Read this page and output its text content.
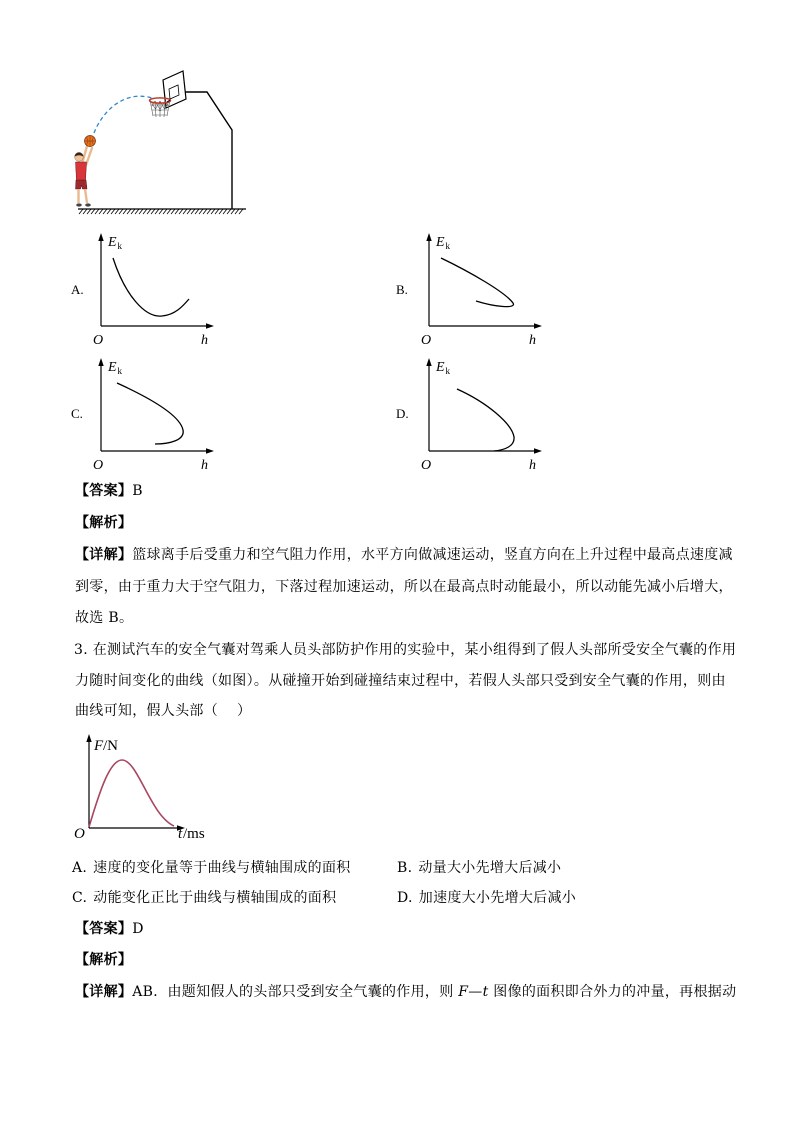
A.
E k
O	h
B.
E k
O	h
C.
E k
O	h
D.
E k
O	h
【答案】B
【解析】
【详解】篮球离手后受重力和空气阻力作用，水平方向做减速运动，竖直方向在上升过程中最高点速度减
到零，由于重力大于空气阻力，下落过程加速运动，所以在最高点时动能最小，所以动能先减小后增大，
故选 B。
3. 在测试汽车的安全气囊对驾乘人员头部防护作用的实验中，某小组得到了假人头部所受安全气囊的作用
力随时间变化的曲线（如图）。从碰撞开始到碰撞结束过程中，若假人头部只受到安全气囊的作用，则由
曲线可知，假人头部（    ）
F /N
O	t /ms
A. 速度的变化量等于曲线与横轴围成的面积	B. 动量大小先增大后减小
C. 动能变化正比于曲线与横轴围成的面积	D. 加速度大小先增大后减小
【答案】D
【解析】
【详解】AB．由题知假人的头部只受到安全气囊的作用，则 F—t 图像的面积即合外力的冲量，再根据动
